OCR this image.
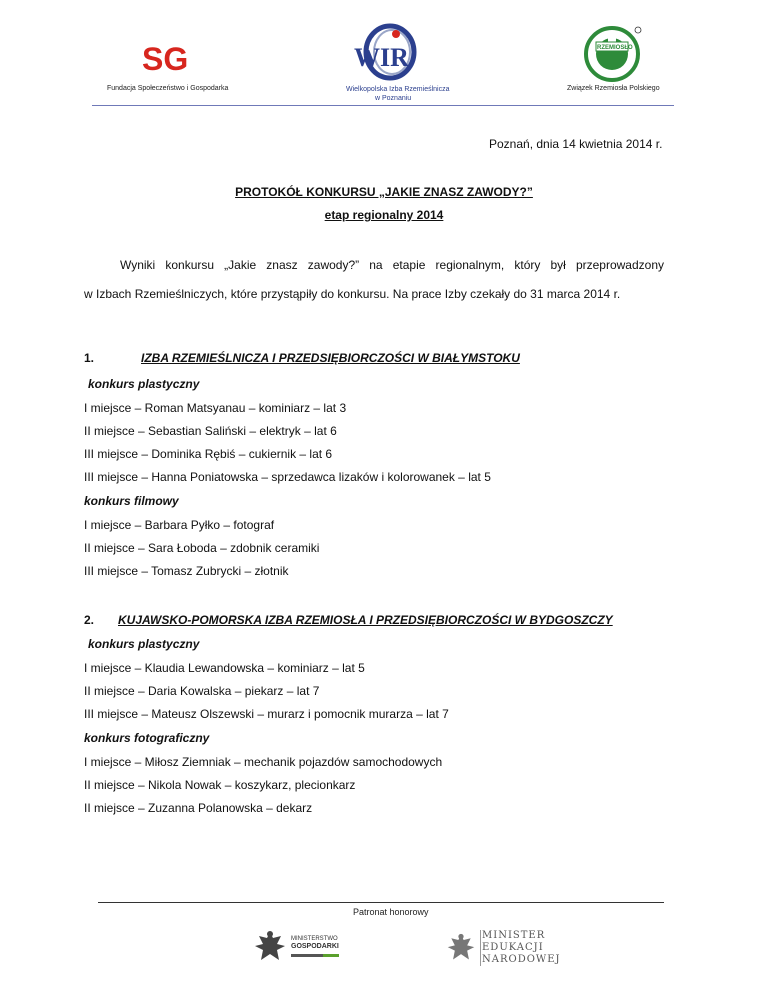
SG
Fundacja Społeczeństwo i Gospodarka
WIR
Wielkopolska Izba Rzemieślnicza
w Poznaniu
RZEMIOSŁO
Związek Rzemiosła Polskiego
Poznań, dnia 14 kwietnia 2014 r.
PROTOKÓŁ KONKURSU „JAKIE ZNASZ ZAWODY?”
etap regionalny 2014
Wyniki konkursu „Jakie znasz zawody?” na etapie regionalnym, który był przeprowadzony
w Izbach Rzemieślniczych, które przystąpiły do konkursu. Na prace Izby czekały do 31 marca 2014 r.
1.	IZBA RZEMIEŚLNICZA I PRZEDSIĘBIORCZOŚCI W BIAŁYMSTOKU
konkurs plastyczny
I miejsce – Roman Matsyanau – kominiarz – lat 3
II miejsce – Sebastian Saliński – elektryk – lat 6
III miejsce – Dominika Rębiś – cukiernik – lat 6
III miejsce – Hanna Poniatowska – sprzedawca lizaków i kolorowanek – lat 5
konkurs filmowy
I miejsce – Barbara Pyłko – fotograf
II miejsce – Sara Łoboda – zdobnik ceramiki
III miejsce – Tomasz Zubrycki – złotnik
2. KUJAWSKO-POMORSKA IZBA RZEMIOSŁA I PRZEDSIĘBIORCZOŚCI W BYDGOSZCZY
konkurs plastyczny
I miejsce – Klaudia Lewandowska – kominiarz – lat 5
II miejsce – Daria Kowalska – piekarz – lat 7
III miejsce – Mateusz Olszewski – murarz i pomocnik murarza – lat 7
konkurs fotograficzny
I miejsce – Miłosz Ziemniak – mechanik pojazdów samochodowych
II miejsce – Nikola Nowak – koszykarz, plecionkarz
II miejsce – Zuzanna Polanowska – dekarz
Patronat honorowy
MINISTERSTWO
GOSPODARKI
MINISTER
EDUKACJI
NARODOWEJ
